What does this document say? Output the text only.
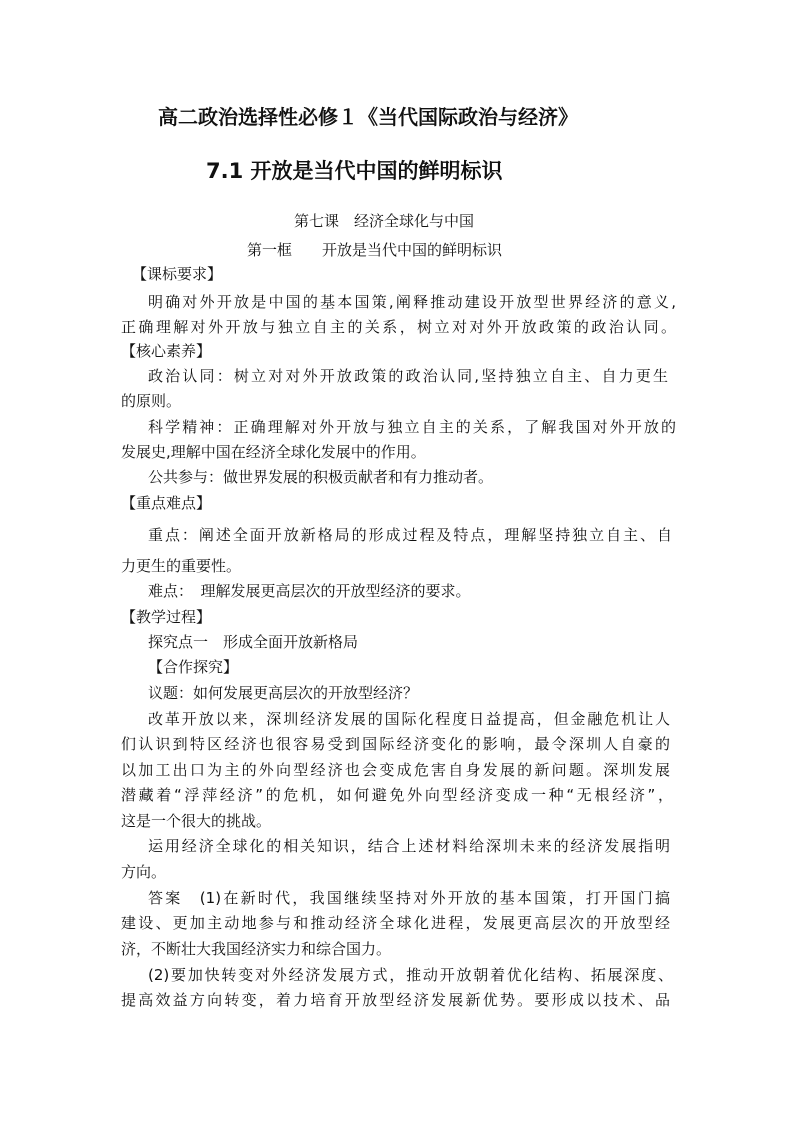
高二政治选择性必修１《当代国际政治与经济》
7.1 开放是当代中国的鲜明标识
第七课　经济全球化与中国
第一框　　开放是当代中国的鲜明标识
【课标要求】
明确对外开放是中国的基本国策,阐释推动建设开放型世界经济的意义,
正确理解对外开放与独立自主的关系，树立对对外开放政策的政治认同。
【核心素养】
政治认同：树立对对外开放政策的政治认同,坚持独立自主、自力更生
的原则。
科学精神：正确理解对外开放与独立自主的关系，了解我国对外开放的
发展史,理解中国在经济全球化发展中的作用。
公共参与：做世界发展的积极贡献者和有力推动者。
【重点难点】
重点：阐述全面开放新格局的形成过程及特点，理解坚持独立自主、自
力更生的重要性。
难点：　理解发展更高层次的开放型经济的要求。
【教学过程】
探究点一　形成全面开放新格局
【合作探究】
议题：如何发展更高层次的开放型经济？
改革开放以来，深圳经济发展的国际化程度日益提高，但金融危机让人
们认识到特区经济也很容易受到国际经济变化的影响，最令深圳人自豪的
以加工出口为主的外向型经济也会变成危害自身发展的新问题。深圳发展
潜藏着“浮萍经济”的危机，如何避免外向型经济变成一种“无根经济”，
这是一个很大的挑战。
运用经济全球化的相关知识，结合上述材料给深圳未来的经济发展指明
方向。
答案　(1)在新时代，我国继续坚持对外开放的基本国策，打开国门搞
建设、更加主动地参与和推动经济全球化进程，发展更高层次的开放型经
济，不断壮大我国经济实力和综合国力。
(2)要加快转变对外经济发展方式，推动开放朝着优化结构、拓展深度、
提高效益方向转变，着力培育开放型经济发展新优势。要形成以技术、品
